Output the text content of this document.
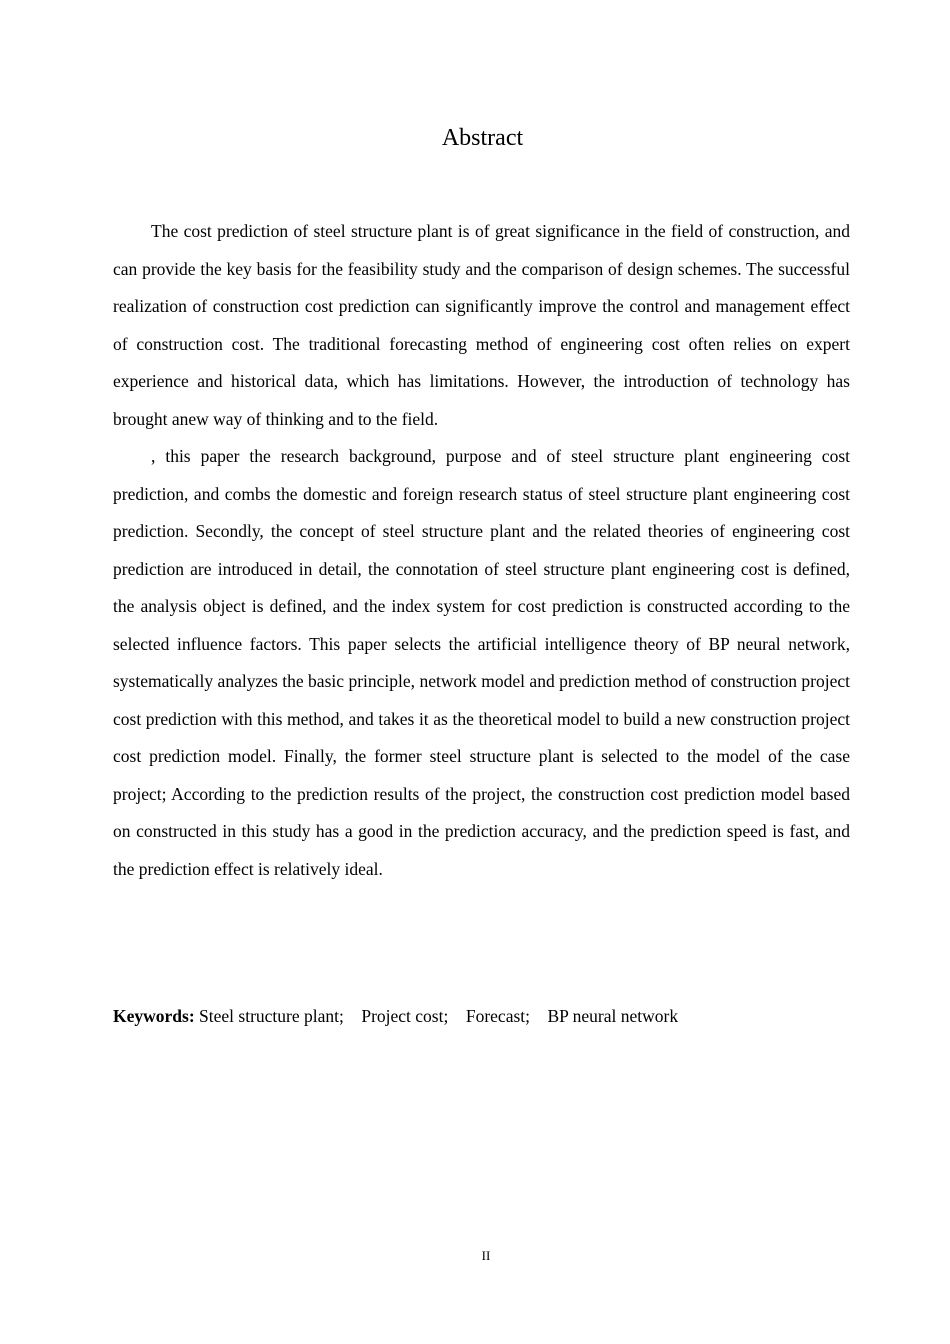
Abstract

The cost prediction of steel structure plant is of great significance in the field of construction, and can provide the key basis for the feasibility study and the comparison of design schemes. The successful realization of construction cost prediction can significantly improve the control and management effect of construction cost. The traditional forecasting method of engineering cost often relies on expert experience and historical data, which has limitations. However, the introduction of technology has brought anew way of thinking and to the field.

, this paper the research background, purpose and of steel structure plant engineering cost prediction, and combs the domestic and foreign research status of steel structure plant engineering cost prediction. Secondly, the concept of steel structure plant and the related theories of engineering cost prediction are introduced in detail, the connotation of steel structure plant engineering cost is defined, the analysis object is defined, and the index system for cost prediction is constructed according to the selected influence factors. This paper selects the artificial intelligence theory of BP neural network, systematically analyzes the basic principle, network model and prediction method of construction project cost prediction with this method, and takes it as the theoretical model to build a new construction project cost prediction model. Finally, the former steel structure plant is selected to the model of the case project; According to the prediction results of the project, the construction cost prediction model based on constructed in this study has a good in the prediction accuracy, and the prediction speed is fast, and the prediction effect is relatively ideal.

Keywords: Steel structure plant;    Project cost;    Forecast;    BP neural network
II
